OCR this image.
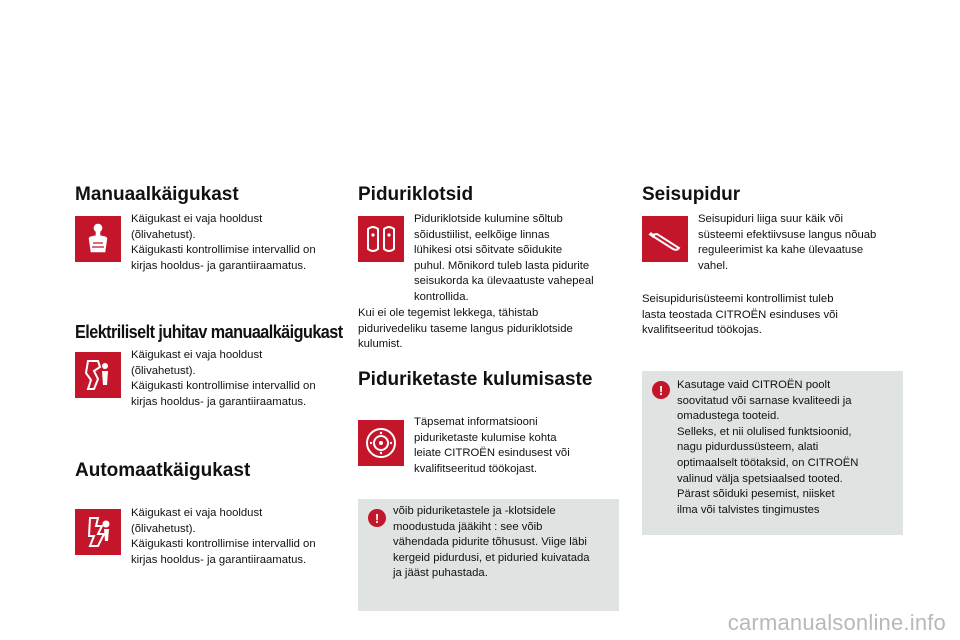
Manuaalkäigukast

Käigukast ei vaja hooldust
(õlivahetust).
Käigukasti kontrollimise intervallid on
kirjas hooldus- ja garantiiraamatus.

Elektriliselt juhitav manuaalkäigukast

Käigukast ei vaja hooldust
(õlivahetust).
Käigukasti kontrollimise intervallid on
kirjas hooldus- ja garantiiraamatus.

Automaatkäigukast

Käigukast ei vaja hooldust
(õlivahetust).
Käigukasti kontrollimise intervallid on
kirjas hooldus- ja garantiiraamatus.

Piduriklotsid

Piduriklotside kulumine sõltub
sõidustiilist, eelkõige linnas
lühikesi otsi sõitvate sõidukite
puhul. Mõnikord tuleb lasta pidurite
seisukorda ka ülevaatuste vahepeal
kontrollida.

Kui ei ole tegemist lekkega, tähistab
pidurivedeliku taseme langus piduriklotside
kulumist.

Piduriketaste kulumisaste

Täpsemat informatsiooni
piduriketaste kulumise kohta
leiate CITROËN esindusest või
kvalifitseeritud töökojast.

!	võib piduriketastele ja -klotsidele
moodustuda jääkiht : see võib
vähendada pidurite tõhusust. Viige läbi
kergeid pidurdusi, et piduried kuivatada
ja jääst puhastada.

Seisupidur

Seisupiduri liiga suur käik või
süsteemi efektiivsuse langus nõuab
reguleerimist ka kahe ülevaatuse
vahel.

Seisupidurisüsteemi kontrollimist tuleb
lasta teostada CITROËN esinduses või
kvalifitseeritud töökojas.

!	Kasutage vaid CITROËN poolt
soovitatud või sarnase kvaliteedi ja
omadustega tooteid.
Selleks, et nii olulised funktsioonid,
nagu pidurdussüsteem, alati
optimaalselt töötaksid, on CITROËN
valinud välja spetsiaalsed tooted.
Pärast sõiduki pesemist, niisket
ilma või talvistes tingimustes

carmanualsonline.info
